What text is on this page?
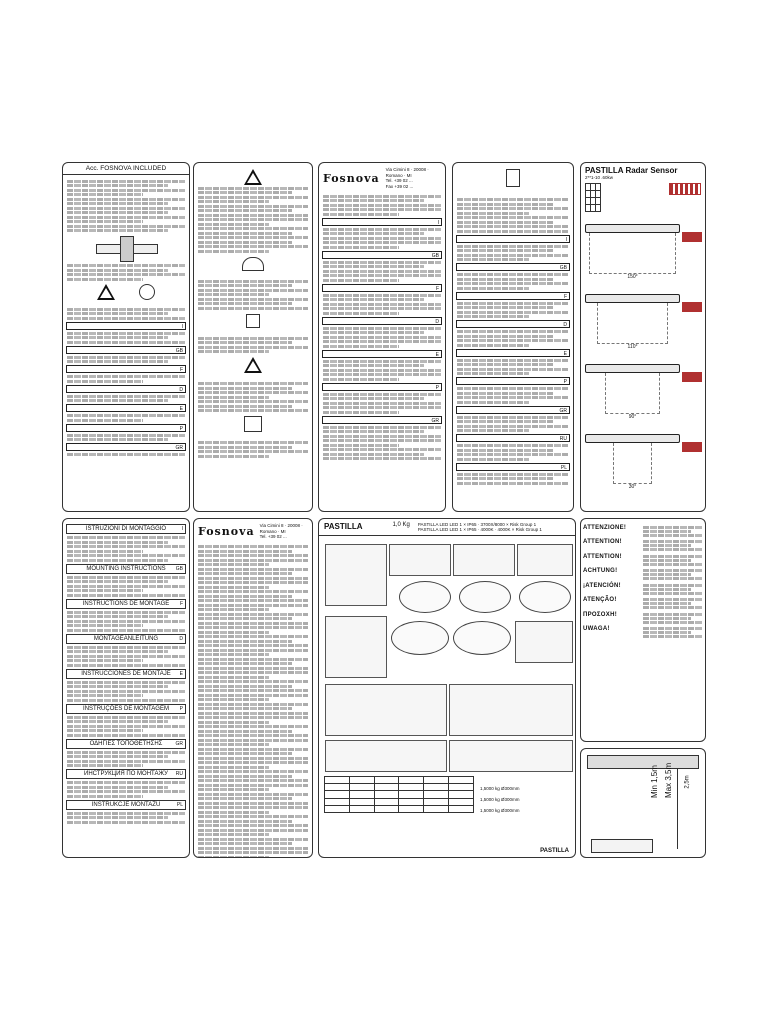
Acc. FOSNOVA INCLUDED

I
GB
F
D
E
P
GR
Fosnova
Via Cimini 8 · 20008 · Romano · MI
Tel. +39 02 ...
Fax +39 02 ...
I
GB
F
D
E
P
GR
I
GB
F
D
E
P
GR
RU
PL
PASTILLA Radar Sensor
2**1-10 .60kw

150°
110°
90°
30°
ISTRUZIONI DI MONTAGGIO	I
MOUNTING INSTRUCTIONS GB
INSTRUCTIONS DE MONTAGE F
MONTAGEANLEITUNG	D
INSTRUCCIONES DE MONTAJE E
INSTRUÇÕES DE MONTAGEM P
ΟΔΗΓΙΕΣ ΤΟΠΟΘΕΤΗΣΗΣ	GR
ИНСТРУКЦИЯ ПО МОНТАЖУ RU
INSTRUKCJE MONTAŻU	PL
Fosnova Via Cimini 8 · 20008 · Romano · MI
Tel. +39 02 ...
PASTILLA	1,0 Kg PASTILLA LED LED 1 × IP65 · 3700X/8000 × Risk Group 1
PASTILLA LED LED 1 × IP65 · 4000K · 4000K × Risk Group 1

1,5000 kg Ø300mm
1,5000 kg Ø300mm
1,5000 kg Ø300mm
PASTILLA
ATTENZIONE!
ATTENTION!
ATTENTION!
ACHTUNG!
¡ATENCIÓN!
ATENÇÃO!
ΠΡΟΣΟΧΗ!
UWAGA!
2,5m
Min 1,5m Max 3,5m
